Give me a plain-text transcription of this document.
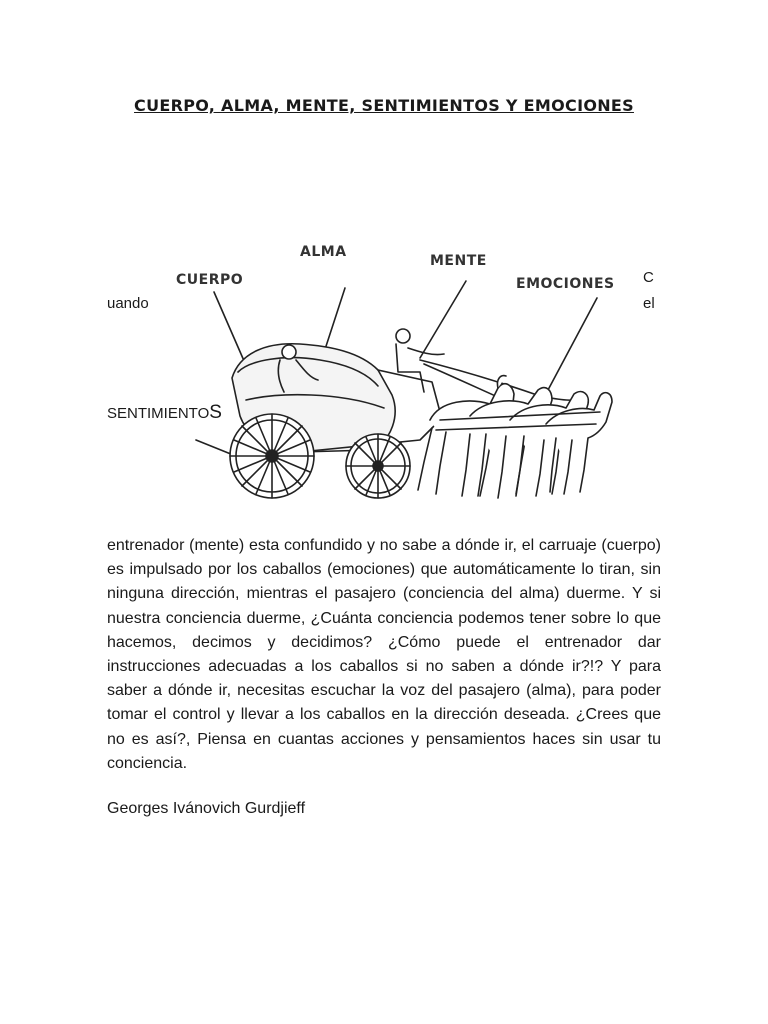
CUERPO, ALMA, MENTE, SENTIMIENTOS Y EMOCIONES
CUERPO
ALMA
MENTE
EMOCIONES
SENTIMIENTOS
uando
C
el
entrenador (mente) esta confundido y no sabe a dónde ir, el carruaje (cuerpo) es impulsado por los caballos (emociones) que automáticamente lo tiran, sin ninguna dirección, mientras el pasajero (conciencia del alma) duerme. Y si nuestra conciencia duerme, ¿Cuánta conciencia podemos tener sobre lo que hacemos, decimos y decidimos? ¿Cómo puede el entrenador dar instrucciones adecuadas a los caballos si no saben a dónde ir?!? Y para saber a dónde ir, necesitas escuchar la voz del pasajero (alma), para poder tomar el control y llevar a los caballos en la dirección deseada. ¿Crees que no es así?, Piensa en cuantas acciones y pensamientos haces sin usar tu conciencia.
Georges Ivánovich Gurdjieff
